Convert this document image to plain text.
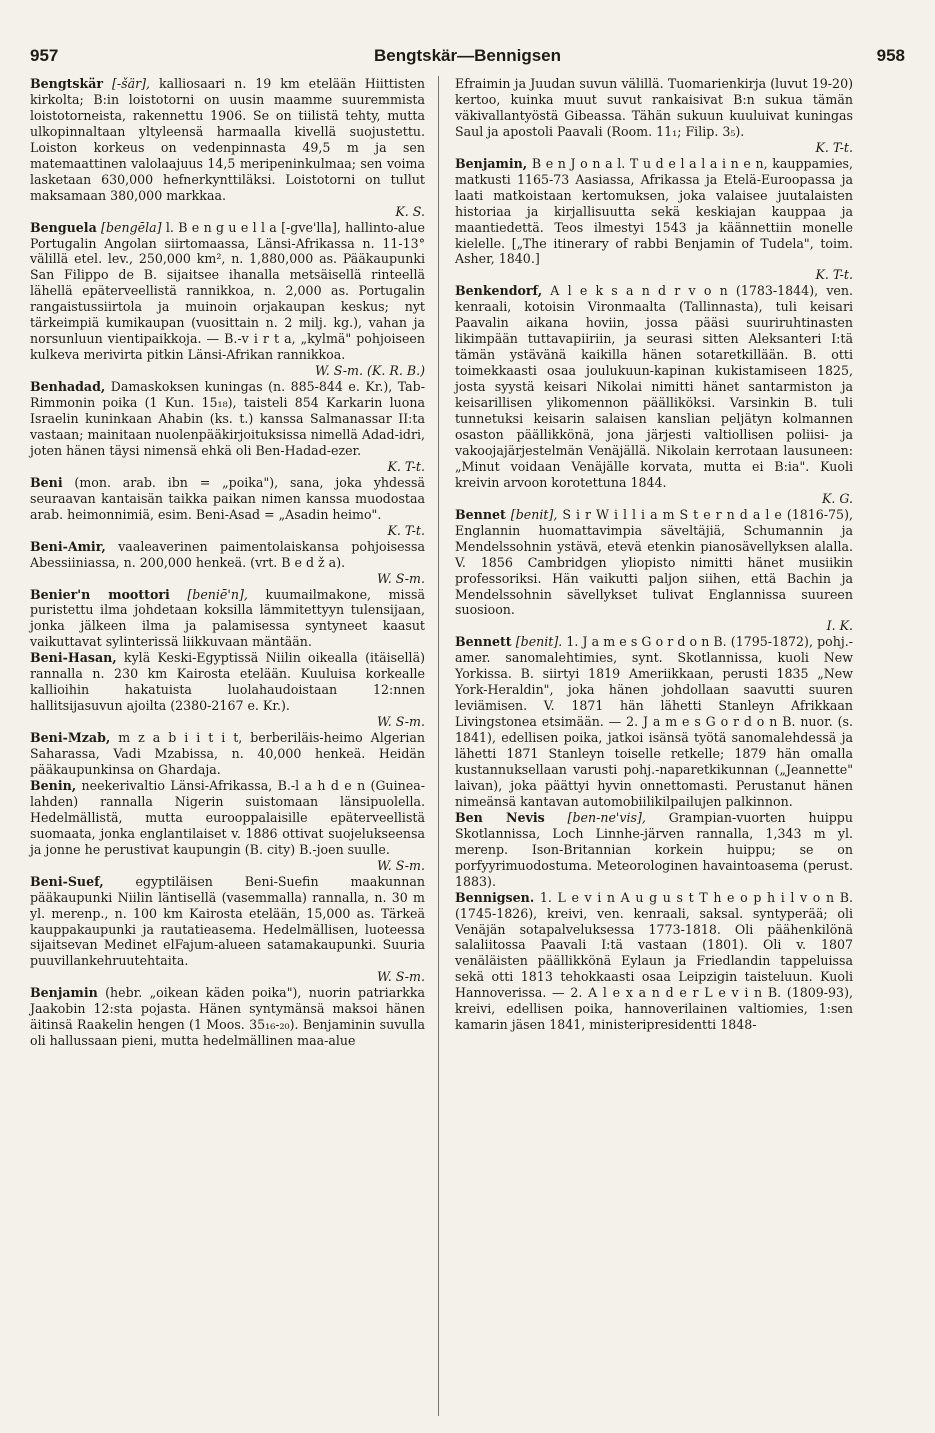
957	Bengtskär—Bennigsen	958

Bengtskär [-šär], kalliosaari n. 19 km etelään Hiittisten kirkolta; B:in loistotorni on uusin maamme suuremmista loistotorneista, rakennettu 1906. Se on tiilistä tehty, mutta ulkopinnaltaan yltyleensä harmaalla kivellä suojustettu. Loiston korkeus on vedenpinnasta 49,5 m ja sen matemaattinen valolaajuus 14,5 meripeninkulmaa; sen voima lasketaan 630,000 hefnerkynttiläksi. Loistotorni on tullut maksamaan 380,000 markkaa.

K. S.

Benguela [bengēla] l. B e n g u e l l a [-gve'lla], hallinto-alue Portugalin Angolan siirtomaassa, Länsi-Afrikassa n. 11-13° välillä etel. lev., 250,000 km², n. 1,880,000 as. Pääkaupunki San Filippo de B. sijaitsee ihanalla metsäisellä rinteellä lähellä epäterveellistä rannikkoa, n. 2,000 as. Portugalin rangaistussiirtola ja muinoin orjakaupan keskus; nyt tärkeimpiä kumikaupan (vuosittain n. 2 milj. kg.), vahan ja norsunluun vientipaikkoja. — B.-v i r t a, „kylmä" pohjoiseen kulkeva merivirta pitkin Länsi-Afrikan rannikkoa.

W. S-m. (K. R. B.)

Benhadad, Damaskoksen kuningas (n. 885-844 e. Kr.), Tab-Rimmonin poika (1 Kun. 15₁₈), taisteli 854 Karkarin luona Israelin kuninkaan Ahabin (ks. t.) kanssa Salmanassar II:ta vastaan; mainitaan nuolenpääkirjoituksissa nimellä Adad-idri, joten hänen täysi nimensä ehkä oli Ben-Hadad-ezer.

K. T-t.

Beni (mon. arab. ibn = „poika"), sana, joka yhdessä seuraavan kantaisän taikka paikan nimen kanssa muodostaa arab. heimonnimiä, esim. Beni-Asad = „Asadin heimo".

K. T-t.

Beni-Amir, vaaleaverinen paimentolaiskansa pohjoisessa Abessiiniassa, n. 200,000 henkeä. (vrt. B e d ž a).

W. S-m.

Benier'n moottori [beniē'n], kuumailmakone, missä puristettu ilma johdetaan koksilla lämmitettyyn tulensijaan, jonka jälkeen ilma ja palamisessa syntyneet kaasut vaikuttavat sylinterissä liikkuvaan mäntään.

Beni-Hasan, kylä Keski-Egyptissä Niilin oikealla (itäisellä) rannalla n. 230 km Kairosta etelään. Kuuluisa korkealle kallioihin hakatuista luolahaudoistaan 12:nnen hallitsijasuvun ajoilta (2380-2167 e. Kr.).

W. S-m.

Beni-Mzab, m z a b i i t i t, berberiläis-heimo Algerian Saharassa, Vadi Mzabissa, n. 40,000 henkeä. Heidän pääkaupunkinsa on Ghardaja.

Benin, neekerivaltio Länsi-Afrikassa, B.-l a h d e n (Guinea-lahden) rannalla Nigerin suistomaan länsipuolella. Hedelmällistä, mutta eurooppalaisille epäterveellistä suomaata, jonka englantilaiset v. 1886 ottivat suojelukseensa ja jonne he perustivat kaupungin (B. city) B.-joen suulle.

W. S-m.

Beni-Suef, egyptiläisen Beni-Suefin maakunnan pääkaupunki Niilin läntisellä (vasemmalla) rannalla, n. 30 m yl. merenp., n. 100 km Kairosta etelään, 15,000 as. Tärkeä kauppakaupunki ja rautatieasema. Hedelmällisen, luoteessa sijaitsevan Medinet elFajum-alueen satamakaupunki. Suuria puuvillankehruutehtaita.

W. S-m.

Benjamin (hebr. „oikean käden poika"), nuorin patriarkka Jaakobin 12:sta pojasta. Hänen syntymänsä maksoi hänen äitinsä Raakelin hengen (1 Moos. 35₁₆-₂₀). Benjaminin suvulla oli hallussaan pieni, mutta hedelmällinen maa-alue

Efraimin ja Juudan suvun välillä. Tuomarienkirja (luvut 19-20) kertoo, kuinka muut suvut rankaisivat B:n sukua tämän väkivallantyöstä Gibeassa. Tähän sukuun kuuluivat kuningas Saul ja apostoli Paavali (Room. 11₁; Filip. 3₅).

K. T-t.

Benjamin, B e n J o n a l. T u d e l a l a i n e n, kauppamies, matkusti 1165-73 Aasiassa, Afrikassa ja Etelä-Euroopassa ja laati matkoistaan kertomuksen, joka valaisee juutalaisten historiaa ja kirjallisuutta sekä keskiajan kauppaa ja maantiedettä. Teos ilmestyi 1543 ja käännettiin monelle kielelle. [„The itinerary of rabbi Benjamin of Tudela", toim. Asher, 1840.]

K. T-t.

Benkendorf, A l e k s a n d r v o n (1783-1844), ven. kenraali, kotoisin Vironmaalta (Tallinnasta), tuli keisari Paavalin aikana hoviin, jossa pääsi suuriruhtinasten likimpään tuttavapiiriin, ja seurasi sitten Aleksanteri I:tä tämän ystävänä kaikilla hänen sotaretkillään. B. otti toimekkaasti osaa joulukuun-kapinan kukistamiseen 1825, josta syystä keisari Nikolai nimitti hänet santarmiston ja keisarillisen ylikomennon päälliköksi. Varsinkin B. tuli tunnetuksi keisarin salaisen kanslian peljätyn kolmannen osaston päällikkönä, jona järjesti valtiollisen poliisi- ja vakoojajärjestelmän Venäjällä. Nikolain kerrotaan lausuneen: „Minut voidaan Venäjälle korvata, mutta ei B:ia". Kuoli kreivin arvoon korotettuna 1844.

K. G.

Bennet [benit], S i r W i l l i a m S t e r n d a l e (1816-75), Englannin huomattavimpia säveltäjiä, Schumannin ja Mendelssohnin ystävä, etevä etenkin pianosävellyksen alalla. V. 1856 Cambridgen yliopisto nimitti hänet musiikin professoriksi. Hän vaikutti paljon siihen, että Bachin ja Mendelssohnin sävellykset tulivat Englannissa suureen suosioon.

I. K.

Bennett [benit]. 1. J a m e s G o r d o n B. (1795-1872), pohj.-amer. sanomalehtimies, synt. Skotlannissa, kuoli New Yorkissa. B. siirtyi 1819 Ameriikkaan, perusti 1835 „New York-Heraldin", joka hänen johdollaan saavutti suuren leviämisen. V. 1871 hän lähetti Stanleyn Afrikkaan Livingstonea etsimään. — 2. J a m e s G o r d o n B. nuor. (s. 1841), edellisen poika, jatkoi isänsä työtä sanomalehdessä ja lähetti 1871 Stanleyn toiselle retkelle; 1879 hän omalla kustannuksellaan varusti pohj.-naparetkikunnan („Jeannette" laivan), joka päättyi hyvin onnettomasti. Perustanut hänen nimeänsä kantavan automobiilikilpailujen palkinnon.

Ben Nevis [ben-ne'vis], Grampian-vuorten huippu Skotlannissa, Loch Linnhe-järven rannalla, 1,343 m yl. merenp. Ison-Britannian korkein huippu; se on porfyyrimuodostuma. Meteorologinen havaintoasema (perust. 1883).

Bennigsen. 1. L e v i n A u g u s t T h e o p h i l v o n B. (1745-1826), kreivi, ven. kenraali, saksal. syntyperää; oli Venäjän sotapalveluksessa 1773-1818. Oli päähenkilönä salaliitossa Paavali I:tä vastaan (1801). Oli v. 1807 venäläisten päällikkönä Eylaun ja Friedlandin tappeluissa sekä otti 1813 tehokkaasti osaa Leipzigin taisteluun. Kuoli Hannoverissa. — 2. A l e x a n d e r L e v i n B. (1809-93), kreivi, edellisen poika, hannoverilainen valtiomies, 1:sen kamarin jäsen 1841, ministeripresidentti 1848-
